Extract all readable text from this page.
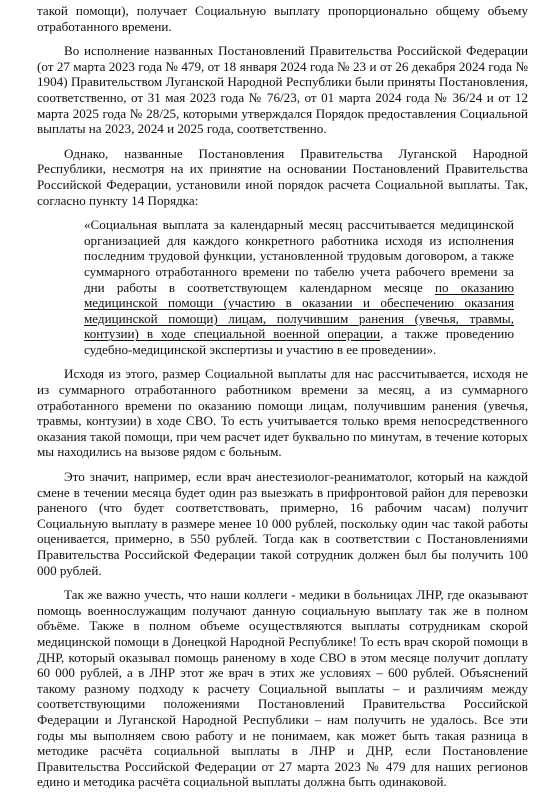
такой помощи), получает Социальную выплату пропорционально общему объему отработанного времени.

Во исполнение названных Постановлений Правительства Российской Федерации (от 27 марта 2023 года № 479, от 18 января 2024 года № 23 и от 26 декабря 2024 года № 1904) Правительством Луганской Народной Республики были приняты Постановления, соответственно, от 31 мая 2023 года № 76/23, от 01 марта 2024 года № 36/24 и от 12 марта 2025 года № 28/25, которыми утверждался Порядок предоставления Социальной выплаты на 2023, 2024 и 2025 года, соответственно.

Однако, названные Постановления Правительства Луганской Народной Республики, несмотря на их принятие на основании Постановлений Правительства Российской Федерации, установили иной порядок расчета Социальной выплаты. Так, согласно пункту 14 Порядка:

«Социальная выплата за календарный месяц рассчитывается медицинской организацией для каждого конкретного работника исходя из исполнения последним трудовой функции, установленной трудовым договором, а также суммарного отработанного времени по табелю учета рабочего времени за дни работы в соответствующем календарном месяце по оказанию медицинской помощи (участию в оказании и обеспечению оказания медицинской помощи) лицам, получившим ранения (увечья, травмы, контузии) в ходе специальной военной операции, а также проведению судебно-медицинской экспертизы и участию в ее проведении».

Исходя из этого, размер Социальной выплаты для нас рассчитывается, исходя не из суммарного отработанного работником времени за месяц, а из суммарного отработанного времени по оказанию помощи лицам, получившим ранения (увечья, травмы, контузии) в ходе СВО. То есть учитывается только время непосредственного оказания такой помощи, при чем расчет идет буквально по минутам, в течение которых мы находились на вызове рядом с больным.

Это значит, например, если врач анестезиолог-реаниматолог, который на каждой смене в течении месяца будет один раз выезжать в прифронтовой район для перевозки раненого (что будет соответствовать, примерно, 16 рабочим часам) получит Социальную выплату в размере менее 10 000 рублей, поскольку один час такой работы оценивается, примерно, в 550 рублей. Тогда как в соответствии с Постановлениями Правительства Российской Федерации такой сотрудник должен был бы получить 100 000 рублей.

Так же важно учесть, что наши коллеги - медики в больницах ЛНР, где оказывают помощь военнослужащим получают данную социальную выплату так же в полном объёме. Также в полном объеме осуществляются выплаты сотрудникам скорой медицинской помощи в Донецкой Народной Республике! То есть врач скорой помощи в ДНР, который оказывал помощь раненому в ходе СВО в этом месяце получит доплату 60 000 рублей, а в ЛНР этот же врач в этих же условиях – 600 рублей. Объяснений такому разному подходу к расчету Социальной выплаты – и различиям между соответствующими положениями Постановлений Правительства Российской Федерации и Луганской Народной Республики – нам получить не удалось. Все эти годы мы выполняем свою работу и не понимаем, как может быть такая разница в методике расчёта социальной выплаты в ЛНР и ДНР, если Постановление Правительства Российской Федерации от 27 марта 2023 № 479 для наших регионов едино и методика расчёта социальной выплаты должна быть одинаковой.
